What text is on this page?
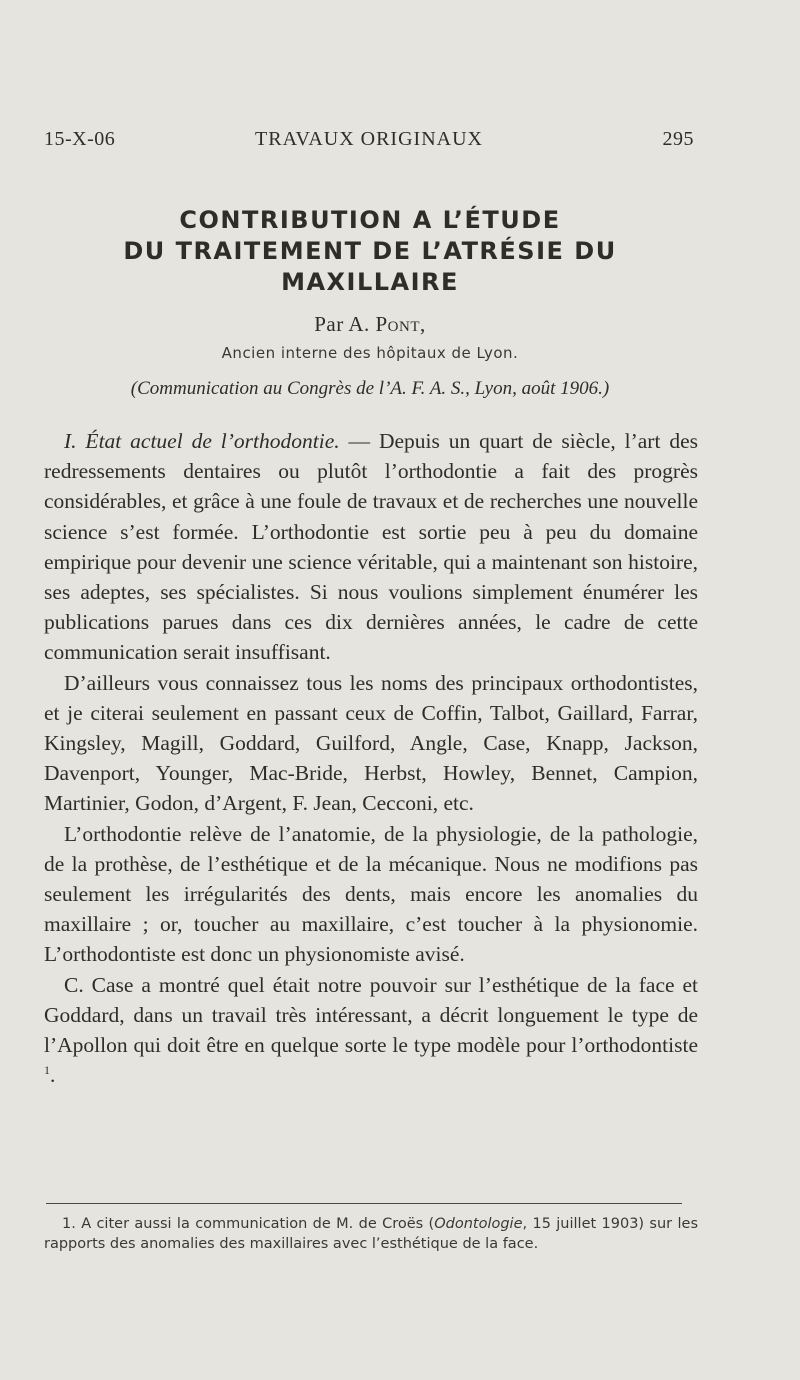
TRAVAUX ORIGINAUX
15-X-06	295
CONTRIBUTION A L’ÉTUDE
DU TRAITEMENT DE L’ATRÉSIE DU
MAXILLAIRE
Par A. Pont,
Ancien interne des hôpitaux de Lyon.
(Communication au Congrès de l’A. F. A. S., Lyon, août 1906.)

I. État actuel de l’orthodontie. — Depuis un quart de siècle, l’art des redressements dentaires ou plutôt l’orthodontie a fait des progrès considérables, et grâce à une foule de travaux et de recherches une nouvelle science s’est formée. L’orthodontie est sortie peu à peu du domaine empirique pour devenir une science véritable, qui a maintenant son histoire, ses adeptes, ses spécialistes. Si nous voulions simplement énumérer les publications parues dans ces dix dernières années, le cadre de cette communication serait insuffisant.

D’ailleurs vous connaissez tous les noms des principaux orthodontistes, et je citerai seulement en passant ceux de Coffin, Talbot, Gaillard, Farrar, Kingsley, Magill, Goddard, Guilford, Angle, Case, Knapp, Jackson, Davenport, Younger, Mac-Bride, Herbst, Howley, Bennet, Campion, Martinier, Godon, d’Argent, F. Jean, Cecconi, etc.

L’orthodontie relève de l’anatomie, de la physiologie, de la pathologie, de la prothèse, de l’esthétique et de la mécanique. Nous ne modifions pas seulement les irrégularités des dents, mais encore les anomalies du maxillaire ; or, toucher au maxillaire, c’est toucher à la physionomie. L’orthodontiste est donc un physionomiste avisé.

C. Case a montré quel était notre pouvoir sur l’esthétique de la face et Goddard, dans un travail très intéressant, a décrit longuement le type de l’Apollon qui doit être en quelque sorte le type modèle pour l’orthodontiste $^1$.

1. A citer aussi la communication de M. de Croës (Odontologie, 15 juillet 1903) sur les rapports des anomalies des maxillaires avec l’esthétique de la face.
